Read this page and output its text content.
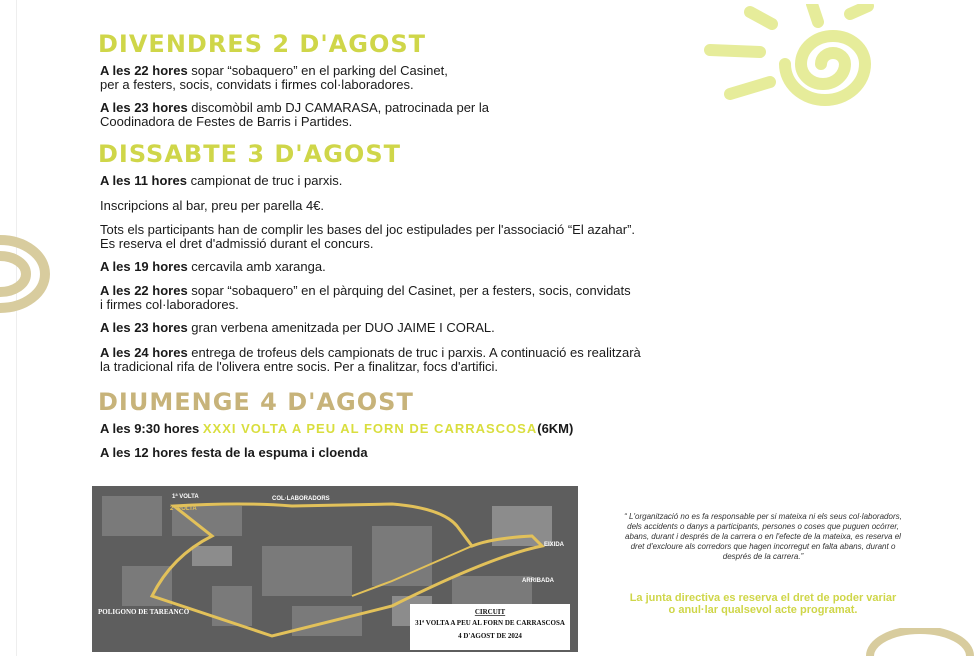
DIVENDRES 2 D'AGOST
A les 22 hores sopar “sobaquero” en el parking del Casinet,
per a festers, socis, convidats i firmes col·laboradores.
A les 23 hores discomòbil amb DJ CAMARASA, patrocinada per la
Coodinadora de Festes de Barris i Partides.
DISSABTE 3 D'AGOST
A les 11 hores campionat de truc i parxis.
Inscripcions al bar, preu per parella 4€.
Tots els participants han de complir les bases del joc estipulades per l'associació “El azahar”.
Es reserva el dret d'admissió durant el concurs.
A les 19 hores cercavila amb xaranga.
A les 22 hores sopar “sobaquero” en el pàrquing del Casinet, per a festers, socis, convidats
i firmes col·laboradores.
A les 23 hores gran verbena amenitzada per DUO JAIME I CORAL.
A les 24 hores entrega de trofeus dels campionats de truc i parxis. A continuació es realitzarà
la tradicional rifa de l'olivera entre socis. Per a finalitzar, focs d'artifici.
DIUMENGE 4 D'AGOST
A les 9:30 hores XXXI VOLTA A PEU AL FORN DE CARRASCOSA(6KM)
A les 12 hores festa de la espuma i cloenda
1ª VOLTA
2ª VOLTA
COL·LABORADORS
EIXIDA
ARRIBADA
POLIGONO DE TAREANCO	CIRCUIT
31ª VOLTA A PEU AL FORN DE CARRASCOSA
4 D'AGOST DE 2024
“ L'organització no es fa responsable per si mateixa ni els seus col·laboradors, dels accidents o danys a participants, persones o coses que puguen ocórrer, abans, durant i després de la carrera o en l'efecte de la mateixa, es reserva el dret d'excloure als corredors que hagen incorregut en falta abans, durant o després de la carrera.”
La junta directiva es reserva el dret de poder variar o anul·lar qualsevol acte programat.
